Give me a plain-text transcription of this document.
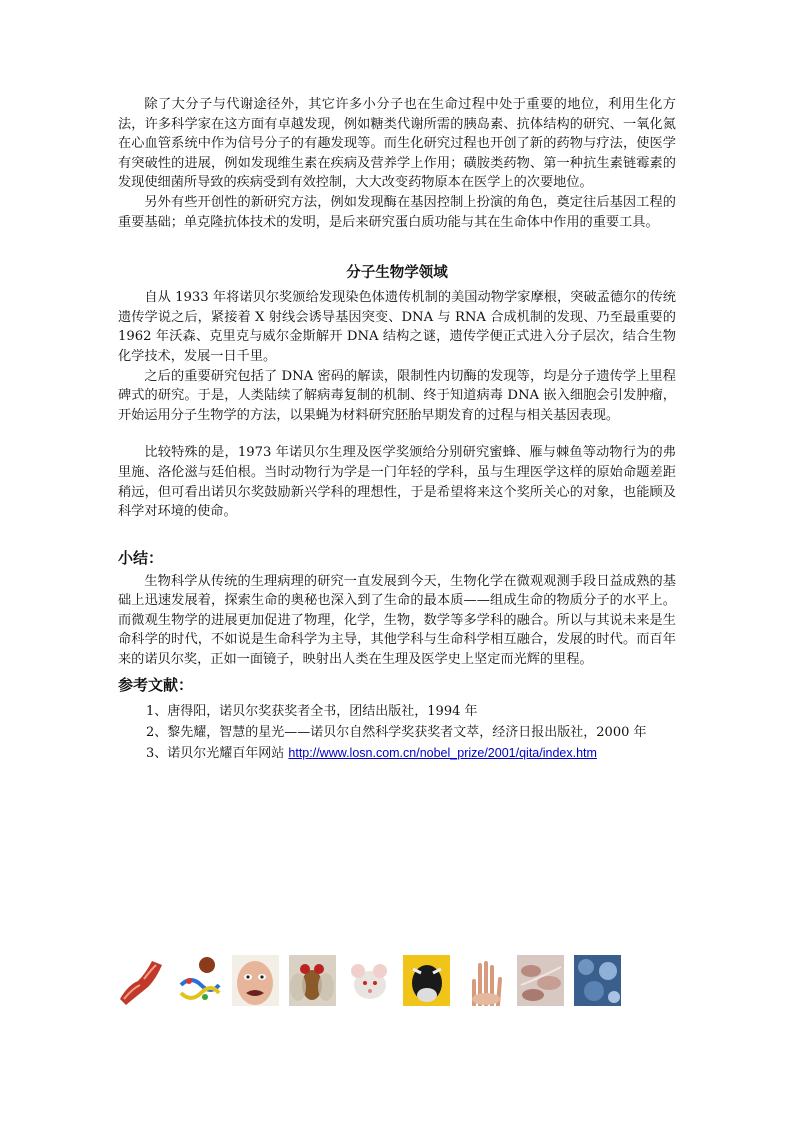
除了大分子与代谢途径外，其它许多小分子也在生命过程中处于重要的地位，利用生化方法，许多科学家在这方面有卓越发现，例如糖类代谢所需的胰岛素、抗体结构的研究、一氧化氮在心血管系统中作为信号分子的有趣发现等。而生化研究过程也开创了新的药物与疗法，使医学有突破性的进展，例如发现维生素在疾病及营养学上作用；磺胺类药物、第一种抗生素链霉素的发现使细菌所导致的疾病受到有效控制，大大改变药物原本在医学上的次要地位。

另外有些开创性的新研究方法，例如发现酶在基因控制上扮演的角色，奠定往后基因工程的重要基础；单克隆抗体技术的发明，是后来研究蛋白质功能与其在生命体中作用的重要工具。

分子生物学领域

自从 1933 年将诺贝尔奖颁给发现染色体遗传机制的美国动物学家摩根，突破孟德尔的传统遗传学说之后，紧接着 X 射线会诱导基因突变、DNA 与 RNA 合成机制的发现、乃至最重要的 1962 年沃森、克里克与威尔金斯解开 DNA 结构之谜，遗传学便正式进入分子层次，结合生物化学技术，发展一日千里。

之后的重要研究包括了 DNA 密码的解读，限制性内切酶的发现等，均是分子遗传学上里程碑式的研究。于是，人类陆续了解病毒复制的机制、终于知道病毒 DNA 嵌入细胞会引发肿瘤，开始运用分子生物学的方法，以果蝇为材料研究胚胎早期发育的过程与相关基因表现。

比较特殊的是，1973 年诺贝尔生理及医学奖颁给分别研究蜜蜂、雁与棘鱼等动物行为的弗里施、洛伦滋与廷伯根。当时动物行为学是一门年轻的学科，虽与生理医学这样的原始命题差距稍远，但可看出诺贝尔奖鼓励新兴学科的理想性，于是希望将来这个奖所关心的对象，也能顾及科学对环境的使命。

小结：

生物科学从传统的生理病理的研究一直发展到今天，生物化学在微观观测手段日益成熟的基础上迅速发展着，探索生命的奥秘也深入到了生命的最本质——组成生命的物质分子的水平上。而微观生物学的进展更加促进了物理，化学，生物，数学等多学科的融合。所以与其说未来是生命科学的时代，不如说是生命科学为主导，其他学科与生命科学相互融合，发展的时代。而百年来的诺贝尔奖，正如一面镜子，映射出人类在生理及医学史上坚定而光辉的里程。

参考文献：
1、唐得阳，诺贝尔奖获奖者全书，团结出版社，1994 年
2、黎先耀，智慧的星光——诺贝尔自然科学奖获奖者文萃，经济日报出版社，2000 年
3、诺贝尔光耀百年网站 http://www.losn.com.cn/nobel_prize/2001/qita/index.htm
